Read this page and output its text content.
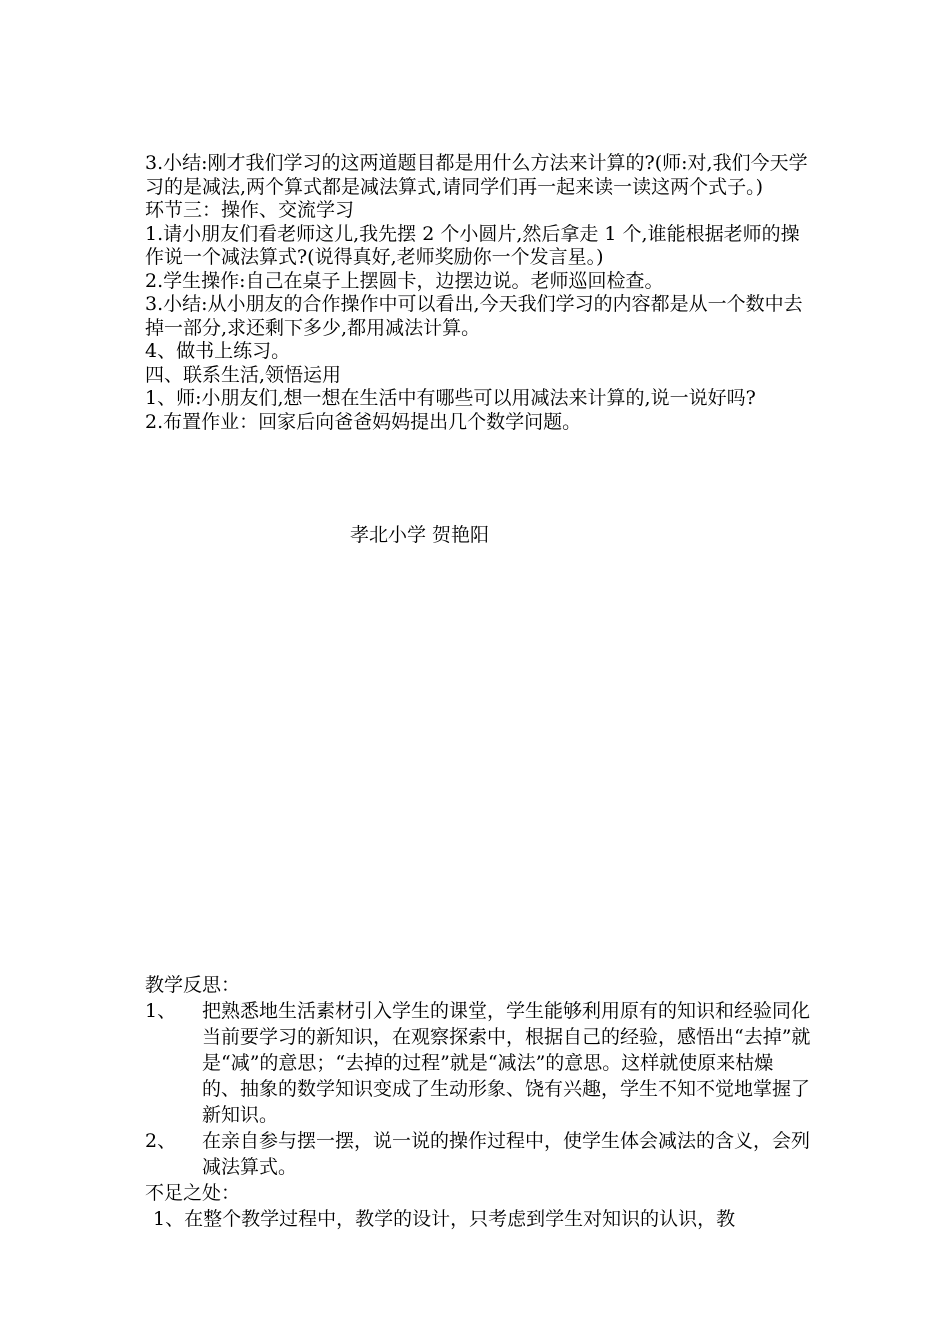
3.小结:刚才我们学习的这两道题目都是用什么方法来计算的?(师:对,我们今天学习的是减法,两个算式都是减法算式,请同学们再一起来读一读这两个式子。)

环节三：操作、交流学习

1.请小朋友们看老师这儿,我先摆 2 个小圆片,然后拿走 1 个,谁能根据老师的操作说一个减法算式?(说得真好,老师奖励你一个发言星。)

2.学生操作:自己在桌子上摆圆卡，边摆边说。老师巡回检查。

3.小结:从小朋友的合作操作中可以看出,今天我们学习的内容都是从一个数中去掉一部分,求还剩下多少,都用减法计算。

4、做书上练习。

四、联系生活,领悟运用

1、师:小朋友们,想一想在生活中有哪些可以用减法来计算的,说一说好吗?

2.布置作业：回家后向爸爸妈妈提出几个数学问题。

孝北小学 贺艳阳

教学反思：

1、	把熟悉地生活素材引入学生的课堂，学生能够利用原有的知识和经验同化当前要学习的新知识，在观察探索中，根据自己的经验，感悟出“去掉”就是“减”的意思；“去掉的过程”就是“减法”的意思。这样就使原来枯燥的、抽象的数学知识变成了生动形象、饶有兴趣，学生不知不觉地掌握了新知识。
2、	在亲自参与摆一摆，说一说的操作过程中，使学生体会减法的含义，会列减法算式。

不足之处：

1、在整个教学过程中，教学的设计，只考虑到学生对知识的认识，教
